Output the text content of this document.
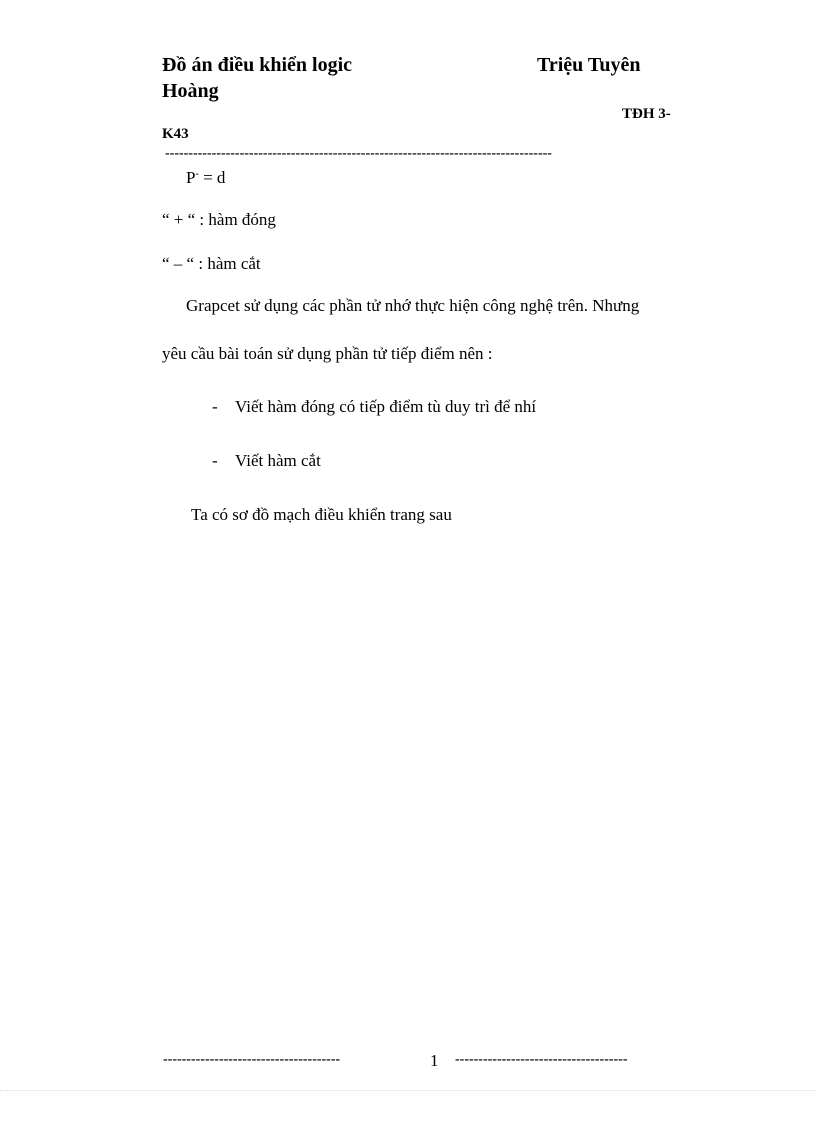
Đồ án điều khiển logic	Triệu Tuyên
Hoàng
TĐH 3-
K43
-----------------------------------------------------------------------------------
P- = d
“ + “ : hàm đóng
“ – “ : hàm cắt
Grapcet sử dụng các phần tử nhớ thực hiện công nghệ trên. Nhưng
yêu cầu bài toán sử dụng phần tử tiếp điểm nên :
- Viết hàm đóng có tiếp điểm tù duy trì để nhí
- Viết hàm cắt
Ta có sơ đồ mạch điều khiển trang sau
--------------------------------------	1 -------------------------------------
